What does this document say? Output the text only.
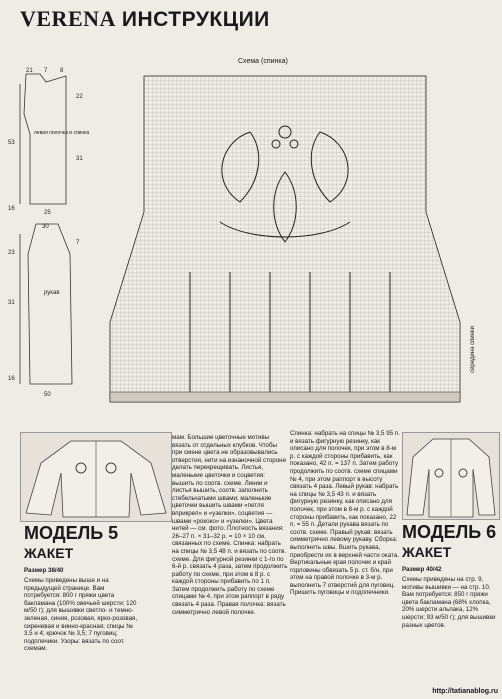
VERENA ИНСТРУКЦИИ
Схема (спинка)
левая полочка и спинка
рукав
21 7 8
22
53
31
16
25
30
23
7
31
16
50
середина спинки
МОДЕЛЬ 5
ЖАКЕТ
Размер 38/40
Схемы приведены выше и на предыдущей странице. Вам потребуется: 800 г пряжи цвета бакламана (100% овечьей шерсти; 120 м/50 г); для вышивки светло- и темно-зеленая, синяя, розовая, ярко-розовая, сиреневая и винно-красная; спицы № 3,5 и 4; крючок № 3,5; 7 пуговиц; подплечики. Узоры: вязать по соот. схемам.
мам. Большие цветочные мотивы вязать от отдельных клубков. Чтобы при смене цвета не образовывались отверстия, нити на изнаночной стороне делать перекрещивать. Листья, маленькие цветочки и соцветия: вышить по соотв. схеме. Линии и листья вышить, соотв. заполнить стебельчатыми швами; маленькие цветочки вышить швами «петля вприкреп» и «узелки», соцветия — швами «рококо» и «узелки». Цвета нитей — см. фото. Плотность вязания: 26–27 п. × 31–32 р. = 10 × 10 см, связанных по схеме. Спинка: набрать на спицы № 3,5 48 п. и вязать по соотв. схеме. Для фигурной резинки с 1-го по 6-й р. связать 4 раза, затем продолжить работу по схеме, при этом в 8 р. с каждой стороны прибавить по 1 п. Затем продолжить работу по схеме спицами № 4, при этом раппорт в ряду связать 4 раза. Правая полочка: вязать симметрично левой полочке.
Спинка: набрать на спицы № 3,5 95 п. и вязать фигурную резинку, как описано для полочек, при этом в 8-м р. с каждой стороны прибавить, как показано, 42 п. = 137 п. Затем работу продолжить по соотв. схеме спицами № 4, при этом раппорт в высоту связать 4 раза. Левый рукав: набрать на спицы № 3,5 43 п. и вязать фигурную резинку, как описано для полочек, при этом в 8-м р. с каждой стороны прибавить, как показано, 22 п. = 55 п. Детали рукава вязать по соотв. схеме. Правый рукав: вязать симметрично левому рукаву. Сборка: выполнить швы. Вшить рукава, приобрести их в верхней части оката. Вертикальные края полочек и край горловины обвязать 5 р. ст. б/н, при этом на правой полочке в 3-м р. выполнить 7 отверстий для пуговиц. Пришить пуговицы и подплечники.
МОДЕЛЬ 6
ЖАКЕТ
Размер 40/42
Схемы приведены на стр. 9, мотивы вышивки — на стр. 10. Вам потребуется: 850 г пряжи цвета бакламана (68% хлопка, 20% шерсти альпака, 12% шерсти; 93 м/50 г); для вышивки разных цветов.
http://tatianablog.ru
